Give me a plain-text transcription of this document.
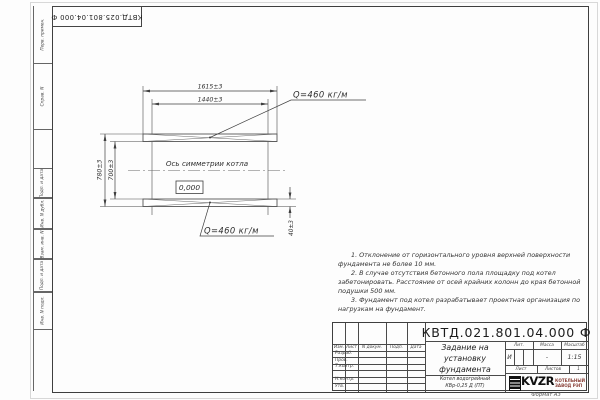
Перв. примен.
Справ. N
Подп. и дата
Инв. N дубл.
Взам. инв. N
Подп. и дата
Инв. N подл.
КВТД.025.801.04.000 Ф
1615±3
1440±3
780±3 700±3
40±3
Q=460 кг/м
Q=460 кг/м
Ось симметрии котла
0,000

1. Отклонение от горизонтального уровня верхней поверхности фундамента не более 10 мм.

2. В случае отсутствия бетонного пола площадку под котел забетонировать. Расстояние от осей крайних колонн до края бетонной подушки 500 мм.

3. Фундамент под котел разрабатывает проектная организация по нагрузкам на фундамент.

КВТД.021.801.04.000 Ф
Изм. Лист	N докум.	Подп.	Дата
Разраб.
Пров.
Т.контр.
Н.контр.
Утв.
Задание на
установку
фундамента
Котел водогрейный
КВр-0,25 Д (ПТ)
Лит.	Масса	Масштаб
И	-	1:15
Лист	Листов	1
KVZR КОТЕЛЬНЫЙ
ЗАВОД РЭП
Формат А3
